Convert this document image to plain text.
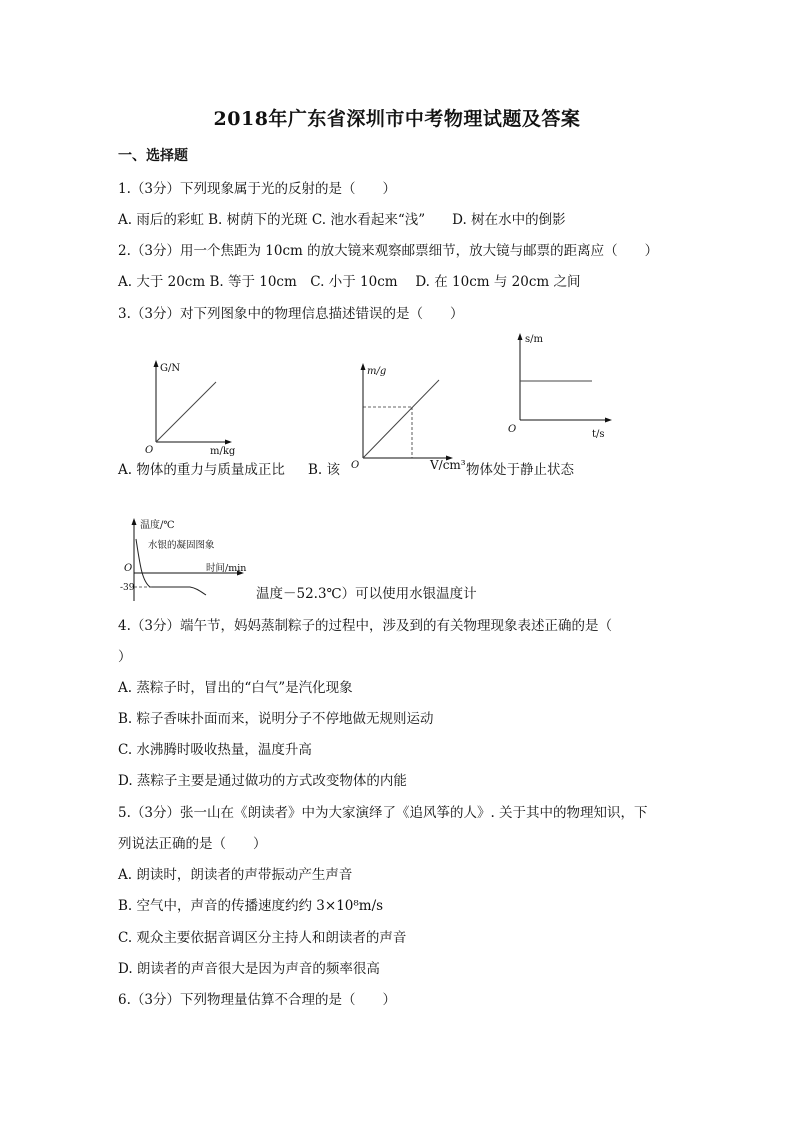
2018年广东省深圳市中考物理试题及答案
一、选择题
1.（3分）下列现象属于光的反射的是（　　）
A. 雨后的彩虹 B. 树荫下的光斑 C. 池水看起来“浅”　　D. 树在水中的倒影
2.（3分）用一个焦距为 10cm 的放大镜来观察邮票细节，放大镜与邮票的距离应（　　）
A. 大于 20cm B. 等于 10cm　C. 小于 10cm　 D. 在 10cm 与 20cm 之间
3.（3分）对下列图象中的物理信息描述错误的是（　　）
G/N
m/kg
O
m/g
O	V/cm³
s/m
t/s
O
A. 物体的重力与质量成正比 B. 该	物体处于静止状态
温度/℃
水银的凝固图象
时间/min
O
-39	温度－52.3℃）可以使用水银温度计
4.（3分）端午节，妈妈蒸制粽子的过程中，涉及到的有关物理现象表述正确的是（
）
A. 蒸粽子时，冒出的“白气”是汽化现象
B. 粽子香味扑面而来，说明分子不停地做无规则运动
C. 水沸腾时吸收热量，温度升高
D. 蒸粽子主要是通过做功的方式改变物体的内能
5.（3分）张一山在《朗读者》中为大家演绎了《追风筝的人》. 关于其中的物理知识，下
列说法正确的是（　　）
A. 朗读时，朗读者的声带振动产生声音
B. 空气中，声音的传播速度约约 3×10⁸m/s
C. 观众主要依据音调区分主持人和朗读者的声音
D. 朗读者的声音很大是因为声音的频率很高
6.（3分）下列物理量估算不合理的是（　　）
